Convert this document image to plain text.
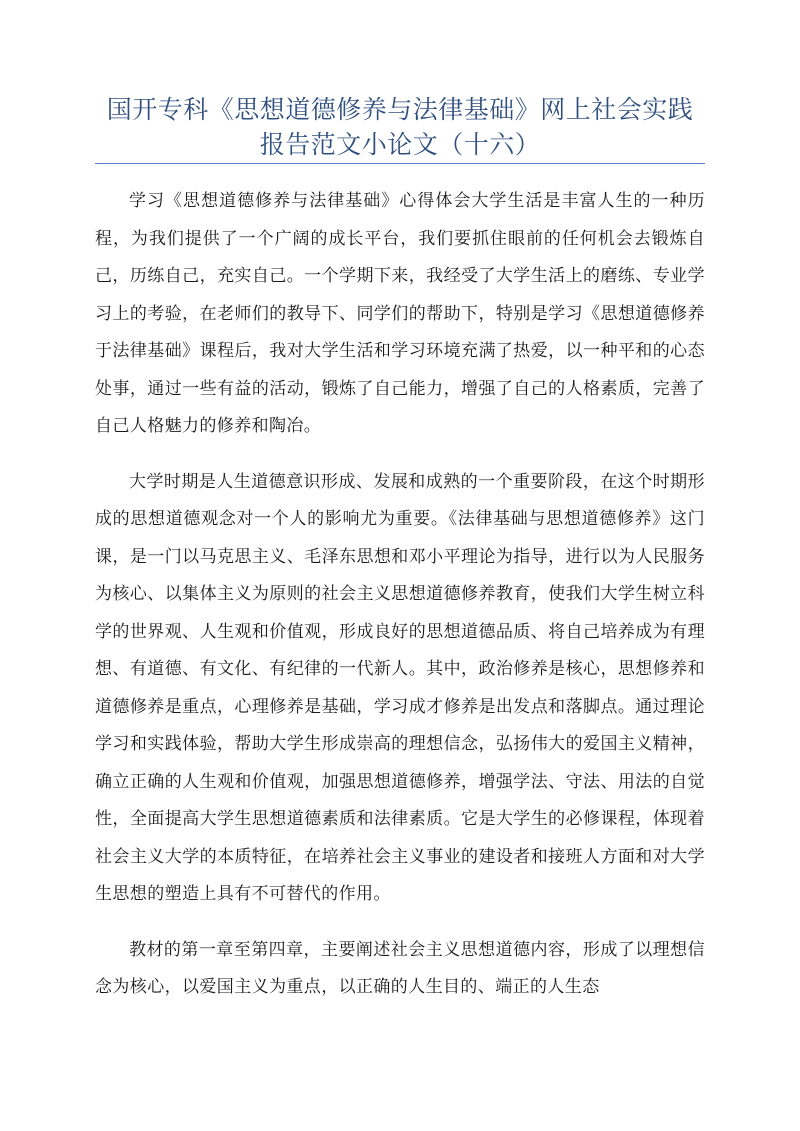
国开专科《思想道德修养与法律基础》网上社会实践报告范文小论文（十六）

学习《思想道德修养与法律基础》心得体会大学生活是丰富人生的一种历程，为我们提供了一个广阔的成长平台，我们要抓住眼前的任何机会去锻炼自己，历练自己，充实自己。一个学期下来，我经受了大学生活上的磨练、专业学习上的考验，在老师们的教导下、同学们的帮助下，特别是学习《思想道德修养于法律基础》课程后，我对大学生活和学习环境充满了热爱，以一种平和的心态处事，通过一些有益的活动，锻炼了自己能力，增强了自己的人格素质，完善了自己人格魅力的修养和陶冶。

大学时期是人生道德意识形成、发展和成熟的一个重要阶段，在这个时期形成的思想道德观念对一个人的影响尤为重要。《法律基础与思想道德修养》这门课，是一门以马克思主义、毛泽东思想和邓小平理论为指导，进行以为人民服务为核心、以集体主义为原则的社会主义思想道德修养教育，使我们大学生树立科学的世界观、人生观和价值观，形成良好的思想道德品质、将自己培养成为有理想、有道德、有文化、有纪律的一代新人。其中，政治修养是核心，思想修养和道德修养是重点，心理修养是基础，学习成才修养是出发点和落脚点。通过理论学习和实践体验，帮助大学生形成崇高的理想信念，弘扬伟大的爱国主义精神，确立正确的人生观和价值观，加强思想道德修养，增强学法、守法、用法的自觉性，全面提高大学生思想道德素质和法律素质。它是大学生的必修课程，体现着社会主义大学的本质特征，在培养社会主义事业的建设者和接班人方面和对大学生思想的塑造上具有不可替代的作用。

教材的第一章至第四章，主要阐述社会主义思想道德内容，形成了以理想信念为核心，以爱国主义为重点，以正确的人生目的、端正的人生态
